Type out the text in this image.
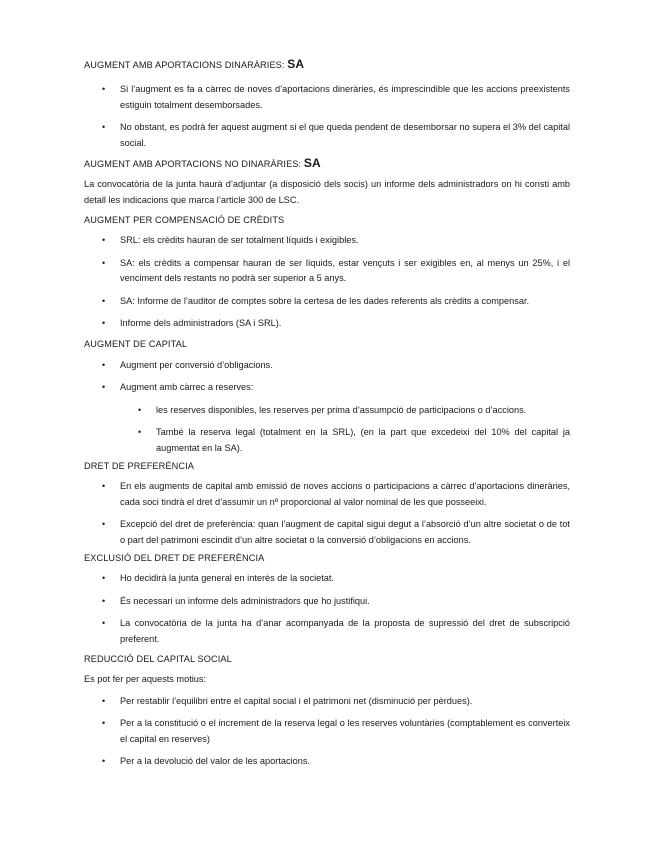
AUGMENT AMB APORTACIONS DINARÀRIES: SA

• Si l’augment es fa a càrrec de noves d’aportacions dineràries, és imprescindible que les accions preexistents estiguin totalment desemborsades.
• No obstant, es podrà fer aquest augment si el que queda pendent de desemborsar no supera el 3% del capital social.

AUGMENT AMB APORTACIONS NO DINARÀRIES: SA

La convocatòria de la junta haurà d’adjuntar (a disposició dels socis) un informe dels administradors on hi consti amb detall les indicacions que marca l’article 300 de LSC.

AUGMENT PER COMPENSACIÓ DE CRÈDITS

• SRL: els crèdits hauran de ser totalment líquids i exigibles.
• SA: els crèdits a compensar hauran de ser líquids, estar vençuts i ser exigibles en, al menys un 25%, i el venciment dels restants no podrà ser superior a 5 anys.
• SA: Informe de l’auditor de comptes sobre la certesa de les dades referents als crèdits a compensar.
• Informe dels administradors (SA i SRL).

AUGMENT DE CAPITAL

• Augment per conversió d’obligacions.
• Augment amb càrrec a reserves:
• les reserves disponibles, les reserves per prima d’assumpció de participacions o d’accions.
• També la reserva legal (totalment en la SRL), (en la part que excedeixi del 10% del capital ja augmentat en la SA).

DRET DE PREFERÈNCIA

• En els augments de capital amb emissió de noves accions o participacions a càrrec d’aportacions dineràries, cada soci tindrà el dret d’assumir un nº proporcional al valor nominal de les que posseeixi.
• Excepció del dret de preferència: quan l’augment de capital sigui degut a l’absorció d’un altre societat o de tot o part del patrimoni escindit d’un altre societat o la conversió d’obligacions en accions.

EXCLUSIÓ DEL DRET DE PREFERÈNCIA

• Ho decidirà la junta general en interès de la societat.
• És necessari un informe dels administradors que ho justifiqui.
• La convocatòria de la junta ha d’anar acompanyada de la proposta de supressió del dret de subscripció preferent.

REDUCCIÓ DEL CAPITAL SOCIAL

Es pot fer per aquests motius:

• Per restablir l’equilibri entre el capital social i el patrimoni net (disminució per pèrdues).
• Per a la constitució o el increment de la reserva legal o les reserves voluntàries (comptablement es converteix el capital en reserves)
• Per a la devolució del valor de les aportacions.
